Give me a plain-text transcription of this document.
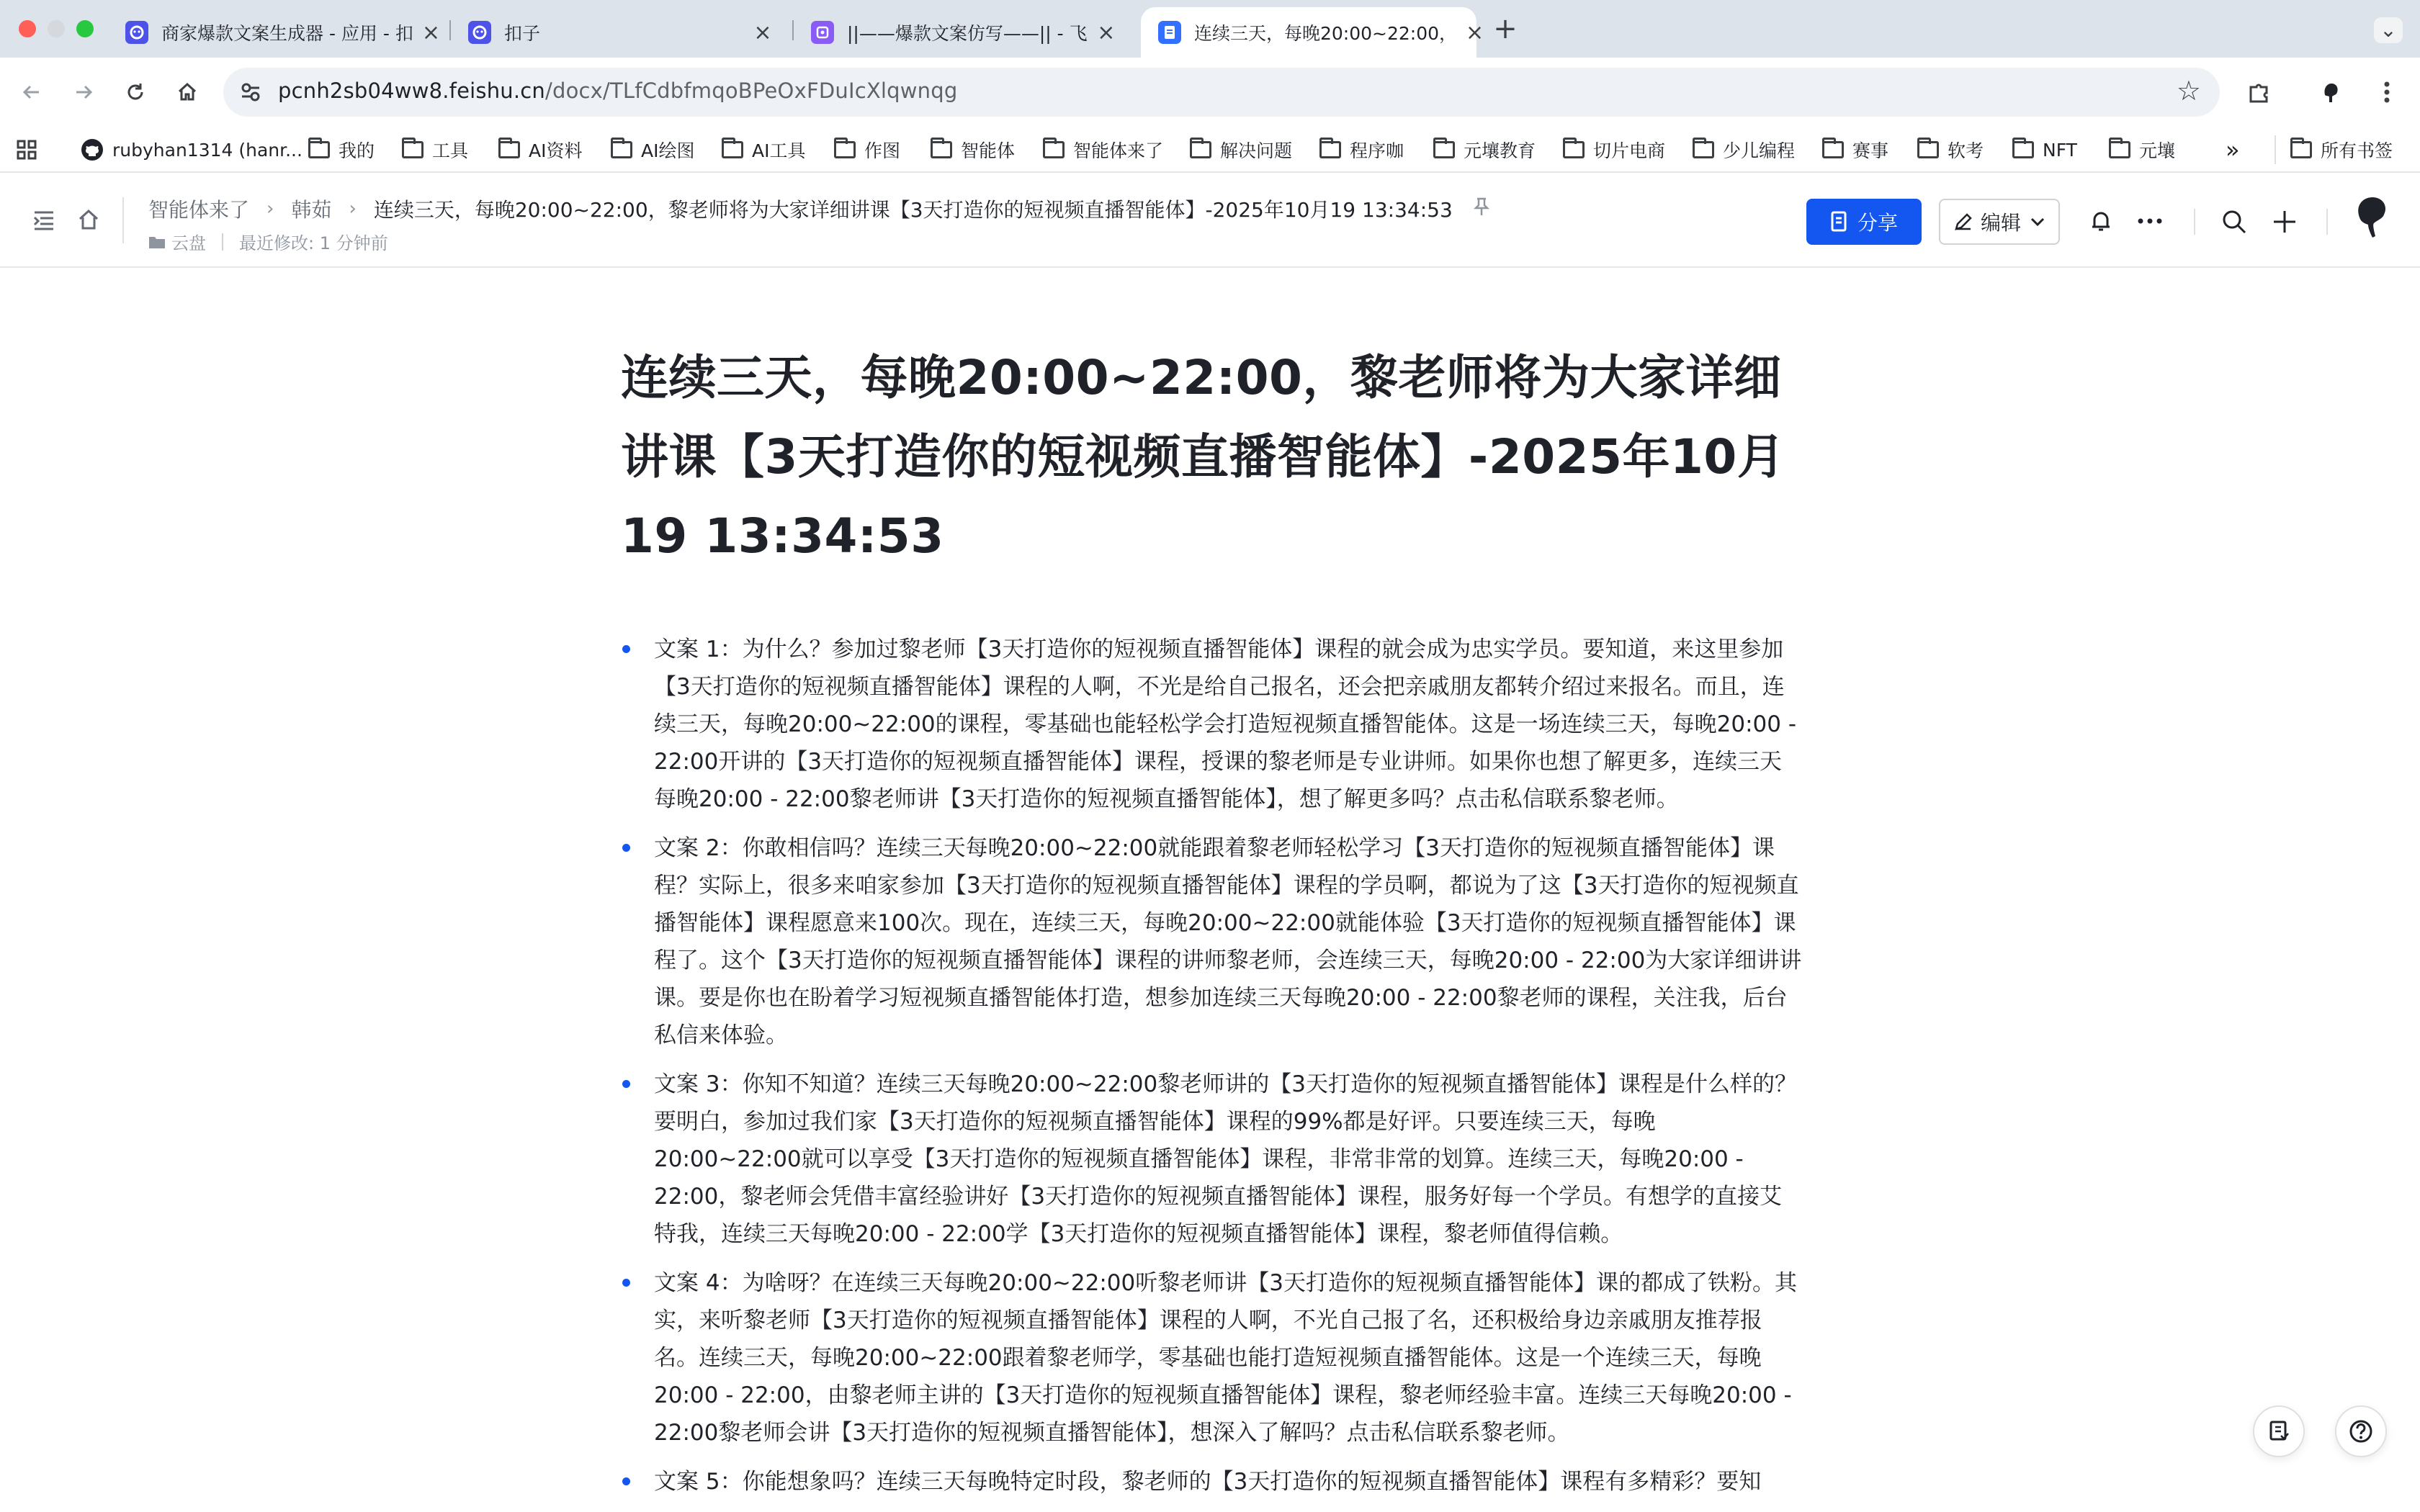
商家爆款文案生成器 - 应用 - 扣 ×	扣子	×	||——爆款文案仿写——|| - 飞 ×	连续三天，每晚20:00~22:00， × +	⌄
pcnh2sb04ww8.feishu.cn/docx/TLfCdbfmqoBPeOxFDuIcXlqwnqg	☆
rubyhan1314 (hanr... 我的	工具	AI资料	AI绘图	AI工具	作图	智能体	智能体来了	解决问题	程序咖	元壤教育	切片电商	少儿编程	赛事	软考	NFT	元壤 »	所有书签
智能体来了 › 韩茹 › 连续三天，每晚20:00~22:00，黎老师将为大家详细讲课【3天打造你的短视频直播智能体】-2025年10月19 13:34:53
云盘 最近修改: 1 分钟前
分享	编辑
连续三天，每晚20:00~22:00，黎老师将为大家详细讲课【3天打造你的短视频直播智能体】-2025年10月19 13:34:53
文案 1：为什么？参加过黎老师【3天打造你的短视频直播智能体】课程的就会成为忠实学员。要知道，来这里参加【3天打造你的短视频直播智能体】课程的人啊，不光是给自己报名，还会把亲戚朋友都转介绍过来报名。而且，连续三天，每晚20:00~22:00的课程，零基础也能轻松学会打造短视频直播智能体。这是一场连续三天，每晚20:00 - 22:00开讲的【3天打造你的短视频直播智能体】课程，授课的黎老师是专业讲师。如果你也想了解更多，连续三天每晚20:00 - 22:00黎老师讲【3天打造你的短视频直播智能体】，想了解更多吗？点击私信联系黎老师。
文案 2：你敢相信吗？连续三天每晚20:00~22:00就能跟着黎老师轻松学习【3天打造你的短视频直播智能体】课程？实际上，很多来咱家参加【3天打造你的短视频直播智能体】课程的学员啊，都说为了这【3天打造你的短视频直播智能体】课程愿意来100次。现在，连续三天，每晚20:00~22:00就能体验【3天打造你的短视频直播智能体】课程了。这个【3天打造你的短视频直播智能体】课程的讲师黎老师，会连续三天，每晚20:00 - 22:00为大家详细讲讲课。要是你也在盼着学习短视频直播智能体打造，想参加连续三天每晚20:00 - 22:00黎老师的课程，关注我，后台私信来体验。
文案 3：你知不知道？连续三天每晚20:00~22:00黎老师讲的【3天打造你的短视频直播智能体】课程是什么样的？要明白，参加过我们家【3天打造你的短视频直播智能体】课程的99%都是好评。只要连续三天，每晚20:00~22:00就可以享受【3天打造你的短视频直播智能体】课程，非常非常的划算。连续三天，每晚20:00 - 22:00，黎老师会凭借丰富经验讲好【3天打造你的短视频直播智能体】课程，服务好每一个学员。有想学的直接艾特我，连续三天每晚20:00 - 22:00学【3天打造你的短视频直播智能体】课程，黎老师值得信赖。
文案 4：为啥呀？在连续三天每晚20:00~22:00听黎老师讲【3天打造你的短视频直播智能体】课的都成了铁粉。其实，来听黎老师【3天打造你的短视频直播智能体】课程的人啊，不光自己报了名，还积极给身边亲戚朋友推荐报名。连续三天，每晚20:00~22:00跟着黎老师学，零基础也能打造短视频直播智能体。这是一个连续三天，每晚20:00 - 22:00，由黎老师主讲的【3天打造你的短视频直播智能体】课程，黎老师经验丰富。连续三天每晚20:00 - 22:00黎老师会讲【3天打造你的短视频直播智能体】，想深入了解吗？点击私信联系黎老师。
文案 5：你能想象吗？连续三天每晚特定时段，黎老师的【3天打造你的短视频直播智能体】课程有多精彩？要知
